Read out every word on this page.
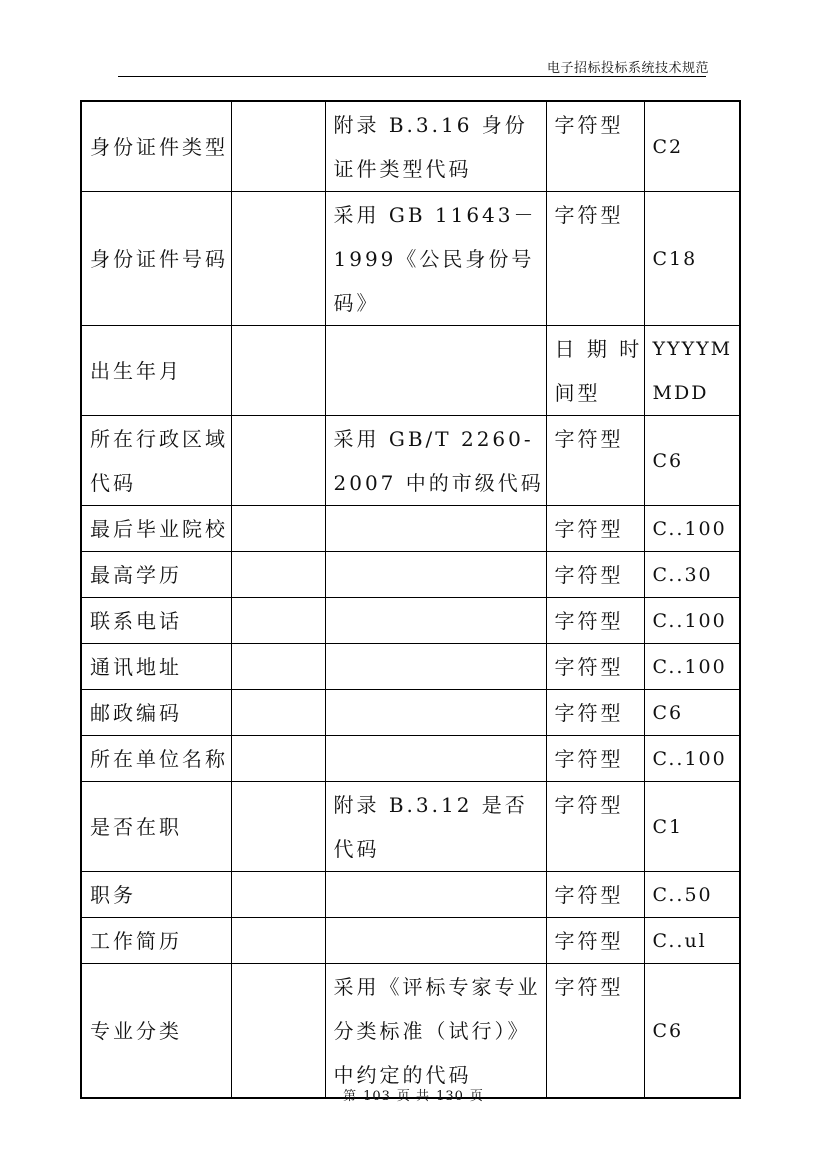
电子招标投标系统技术规范
身份证件类型		附录 B.3.16 身份证件类型代码	字符型	C2
身份证件号码		采用 GB 11643－1999《公民身份号码》	字符型	C18
出生年月			日 期 时 间型	YYYYMMDD
所在行政区域代码		采用 GB/T 2260-2007 中的市级代码	字符型	C6
最后毕业院校			字符型	C..100
最高学历			字符型	C..30
联系电话			字符型	C..100
通讯地址			字符型	C..100
邮政编码			字符型	C6
所在单位名称			字符型	C..100
是否在职		附录 B.3.12 是否代码	字符型	C1
职务			字符型	C..50
工作简历			字符型	C..ul
专业分类		采用《评标专家专业分类标准（试行）》中约定的代码	字符型	C6
第 103 页 共 130 页
